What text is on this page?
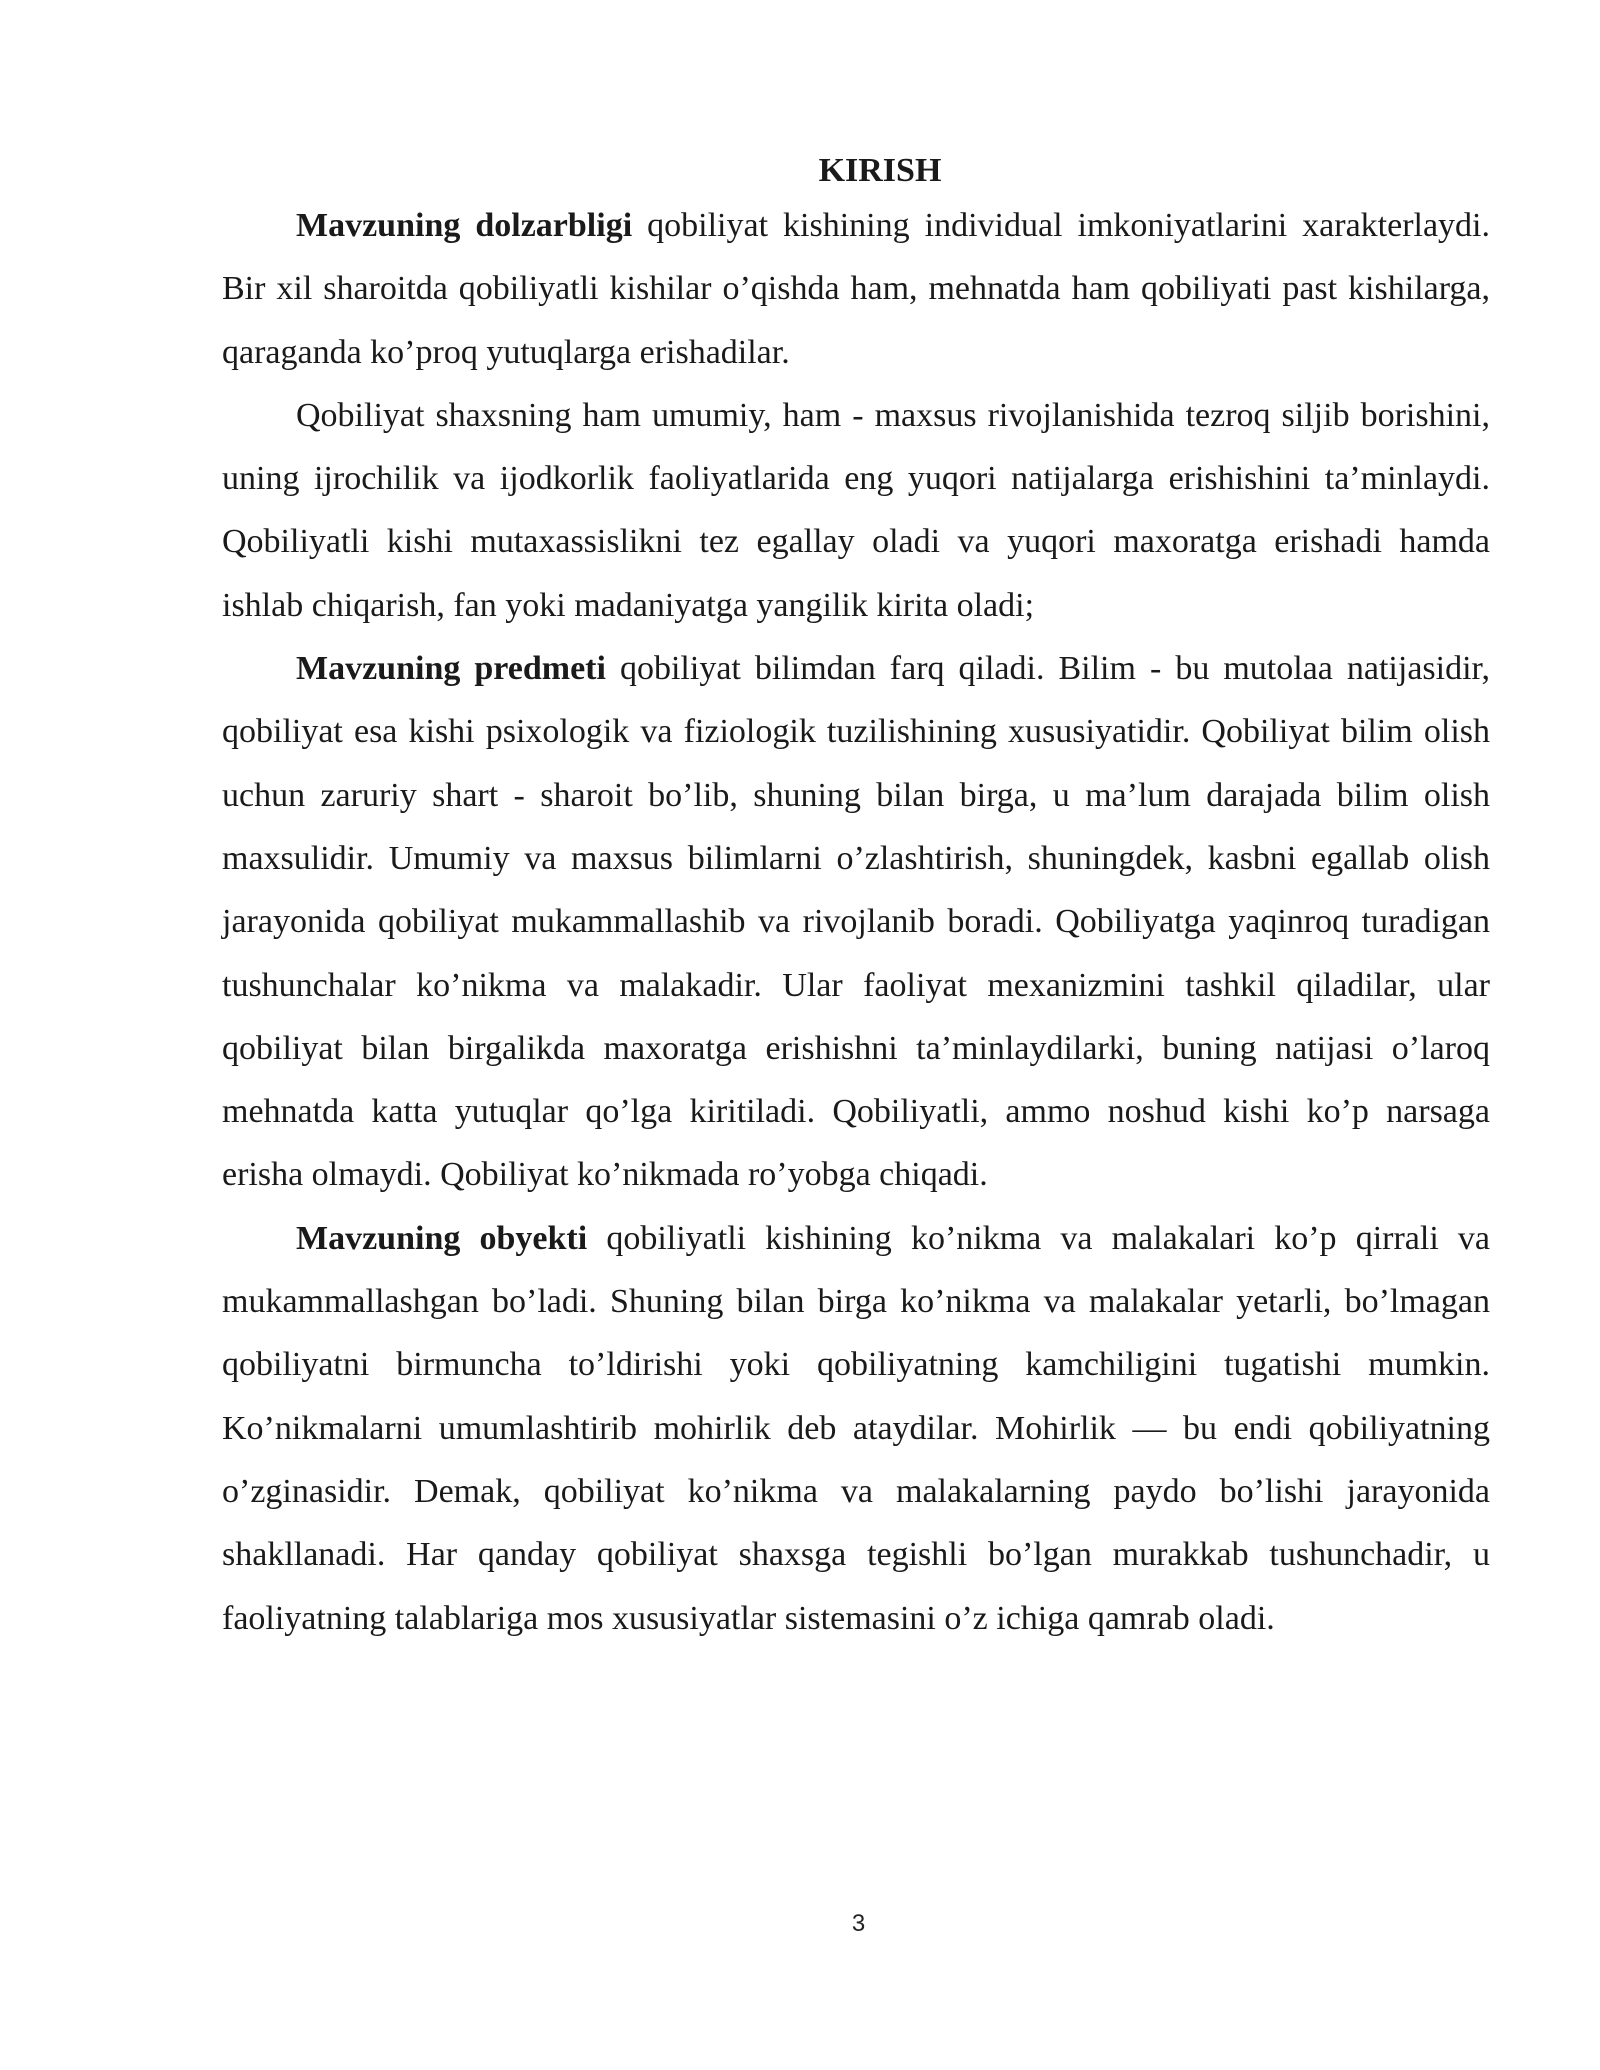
KIRISH

Mavzuning dolzarbligi qobiliyat kishining individual imkoniyatlarini xarakterlaydi. Bir xil sharoitda qobiliyatli kishilar o’qishda ham, mehnatda ham qobiliyati past kishilarga, qaraganda ko’proq yutuqlarga erishadilar.

Qobiliyat shaxsning ham umumiy, ham - maxsus rivojlanishida tezroq siljib borishini, uning ijrochilik va ijodkorlik faoliyatlarida eng yuqori natijalarga erishishini ta’minlaydi. Qobiliyatli kishi mutaxassislikni tez egallay oladi va yuqori maxoratga erishadi hamda ishlab chiqarish, fan yoki madaniyatga yangilik kirita oladi;

Mavzuning predmeti qobiliyat bilimdan farq qiladi. Bilim - bu mutolaa natijasidir, qobiliyat esa kishi psixologik va fiziologik tuzilishining xususiyatidir. Qobiliyat bilim olish uchun zaruriy shart - sharoit bo’lib, shuning bilan birga, u ma’lum darajada bilim olish maxsulidir. Umumiy va maxsus bilimlarni o’zlashtirish, shuningdek, kasbni egallab olish jarayonida qobiliyat mukammallashib va rivojlanib boradi. Qobiliyatga yaqinroq turadigan tushunchalar ko’nikma va malakadir. Ular faoliyat mexanizmini tashkil qiladilar, ular qobiliyat bilan birgalikda maxoratga erishishni ta’minlaydilarki, buning natijasi o’laroq mehnatda katta yutuqlar qo’lga kiritiladi. Qobiliyatli, ammo noshud kishi ko’p narsaga erisha olmaydi. Qobiliyat ko’nikmada ro’yobga chiqadi.

Mavzuning obyekti qobiliyatli kishining ko’nikma va malakalari ko’p qirrali va mukammallashgan bo’ladi. Shuning bilan birga ko’nikma va malakalar yetarli, bo’lmagan qobiliyatni birmuncha to’ldirishi yoki qobiliyatning kamchiligini tugatishi mumkin. Ko’nikmalarni umumlashtirib mohirlik deb ataydilar. Mohirlik — bu endi qobiliyatning o’zginasidir. Demak, qobiliyat ko’nikma va malakalarning paydo bo’lishi jarayonida shakllanadi. Har qanday qobiliyat shaxsga tegishli bo’lgan murakkab tushunchadir, u faoliyatning talablariga mos xususiyatlar sistemasini o’z ichiga qamrab oladi.

3
